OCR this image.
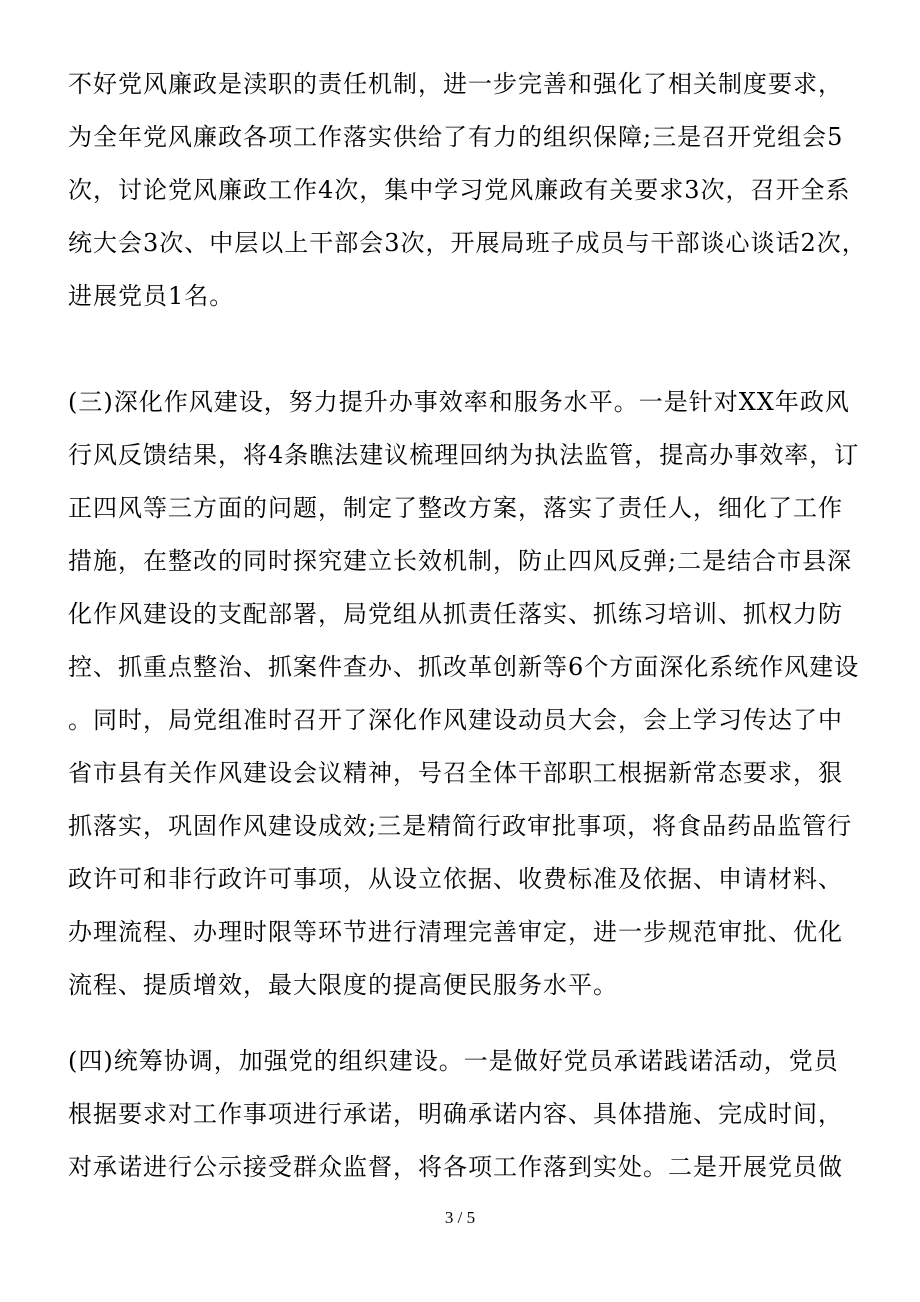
不好党风廉政是渎职的责任机制，进一步完善和强化了相关制度要求，
为全年党风廉政各项工作落实供给了有力的组织保障;三是召开党组会5
次，讨论党风廉政工作4次，集中学习党风廉政有关要求3次，召开全系
统大会3次、中层以上干部会3次，开展局班子成员与干部谈心谈话2次，
进展党员1名。
(三)深化作风建设，努力提升办事效率和服务水平。一是针对XX年政风
行风反馈结果，将4条瞧法建议梳理回纳为执法监管，提高办事效率，订
正四风等三方面的问题，制定了整改方案，落实了责任人，细化了工作
措施，在整改的同时探究建立长效机制，防止四风反弹;二是结合市县深
化作风建设的支配部署，局党组从抓责任落实、抓练习培训、抓权力防
控、抓重点整治、抓案件查办、抓改革创新等6个方面深化系统作风建设
。同时，局党组准时召开了深化作风建设动员大会，会上学习传达了中
省市县有关作风建设会议精神，号召全体干部职工根据新常态要求，狠
抓落实，巩固作风建设成效;三是精简行政审批事项，将食品药品监管行
政许可和非行政许可事项，从设立依据、收费标准及依据、申请材料、
办理流程、办理时限等环节进行清理完善审定，进一步规范审批、优化
流程、提质增效，最大限度的提高便民服务水平。
(四)统筹协调，加强党的组织建设。一是做好党员承诺践诺活动，党员
根据要求对工作事项进行承诺，明确承诺内容、具体措施、完成时间，
对承诺进行公示接受群众监督，将各项工作落到实处。二是开展党员做
3 / 5
